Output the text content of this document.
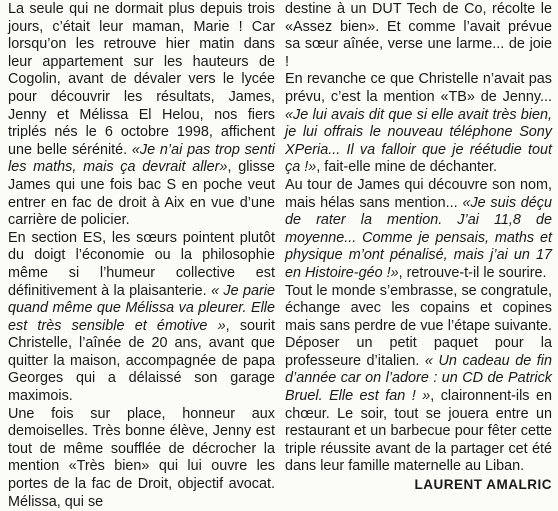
La seule qui ne dormait plus depuis trois jours, c’était leur maman, Marie ! Car lorsqu’on les retrouve hier matin dans leur appartement sur les hauteurs de Cogolin, avant de dévaler vers le lycée pour découvrir les résultats, James, Jenny et Mélissa El Helou, nos fiers triplés nés le 6 octobre 1998, affichent une belle sérénité. «Je n’ai pas trop senti les maths, mais ça devrait aller», glisse James qui une fois bac S en poche veut entrer en fac de droit à Aix en vue d’une carrière de policier.

En section ES, les sœurs pointent plutôt du doigt l’économie ou la philosophie même si l’humeur collective est définitivement à la plaisanterie. « Je parie quand même que Mélissa va pleurer. Elle est très sensible et émotive », sourit Christelle, l’aînée de 20 ans, avant que quitter la maison, accompagnée de papa Georges qui a délaissé son garage maximois.

Une fois sur place, honneur aux demoiselles. Très bonne élève, Jenny est tout de même soufflée de décrocher la mention «Très bien» qui lui ouvre les portes de la fac de Droit, objectif avocat. Mélissa, qui se

destine à un DUT Tech de Co, récolte le «Assez bien». Et comme l’avait prévue sa sœur aînée, verse une larme... de joie !

En revanche ce que Christelle n’avait pas prévu, c’est la mention «TB» de Jenny... «Je lui avais dit que si elle avait très bien, je lui offrais le nouveau téléphone Sony XPeria... Il va falloir que je réétudie tout ça !», fait-elle mine de déchanter.

Au tour de James qui découvre son nom, mais hélas sans mention... «Je suis déçu de rater la mention. J’ai 11,8 de moyenne... Comme je pensais, maths et physique m’ont pénalisé, mais j’ai un 17 en Histoire-géo !», retrouve-t-il le sourire.

Tout le monde s’embrasse, se congratule, échange avec les copains et copines mais sans perdre de vue l’étape suivante. Déposer un petit paquet pour la professeure d’italien. « Un cadeau de fin d’année car on l’adore : un CD de Patrick Bruel. Elle est fan ! », claironnent-ils en chœur. Le soir, tout se jouera entre un restaurant et un barbecue pour fêter cette triple réussite avant de la partager cet été dans leur famille maternelle au Liban.
LAURENT AMALRIC
